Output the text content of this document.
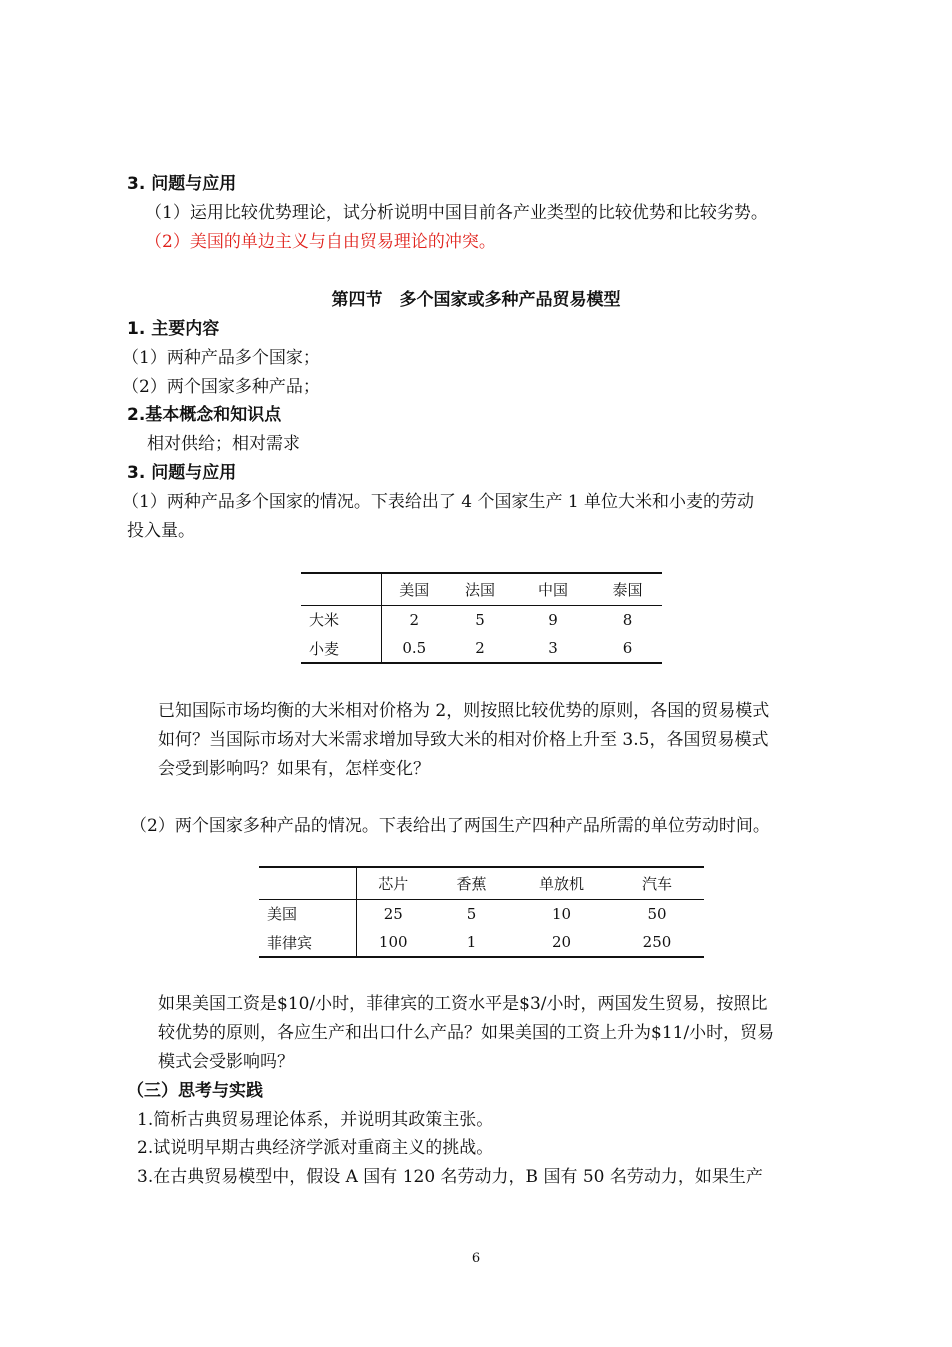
3. 问题与应用
（1）运用比较优势理论，试分析说明中国目前各产业类型的比较优势和比较劣势。
（2）美国的单边主义与自由贸易理论的冲突。
第四节　多个国家或多种产品贸易模型
1. 主要内容
（1）两种产品多个国家；
（2）两个国家多种产品；
2.基本概念和知识点
相对供给；相对需求
3. 问题与应用
（1）两种产品多个国家的情况。下表给出了 4 个国家生产 1 单位大米和小麦的劳动
投入量。
	美国	法国	中国	泰国
大米	2	5	9	8
小麦	0.5	2	3	6
已知国际市场均衡的大米相对价格为 2，则按照比较优势的原则，各国的贸易模式
如何？当国际市场对大米需求增加导致大米的相对价格上升至 3.5，各国贸易模式
会受到影响吗？如果有，怎样变化？
（2）两个国家多种产品的情况。下表给出了两国生产四种产品所需的单位劳动时间。
	芯片	香蕉	单放机	汽车
美国	25	5	10	50
菲律宾	100	1	20	250
如果美国工资是$10/小时，菲律宾的工资水平是$3/小时，两国发生贸易，按照比
较优势的原则，各应生产和出口什么产品？如果美国的工资上升为$11/小时，贸易
模式会受影响吗？
（三）思考与实践
1.简析古典贸易理论体系，并说明其政策主张。
2.试说明早期古典经济学派对重商主义的挑战。
3.在古典贸易模型中，假设 A 国有 120 名劳动力，B 国有 50 名劳动力，如果生产
6
